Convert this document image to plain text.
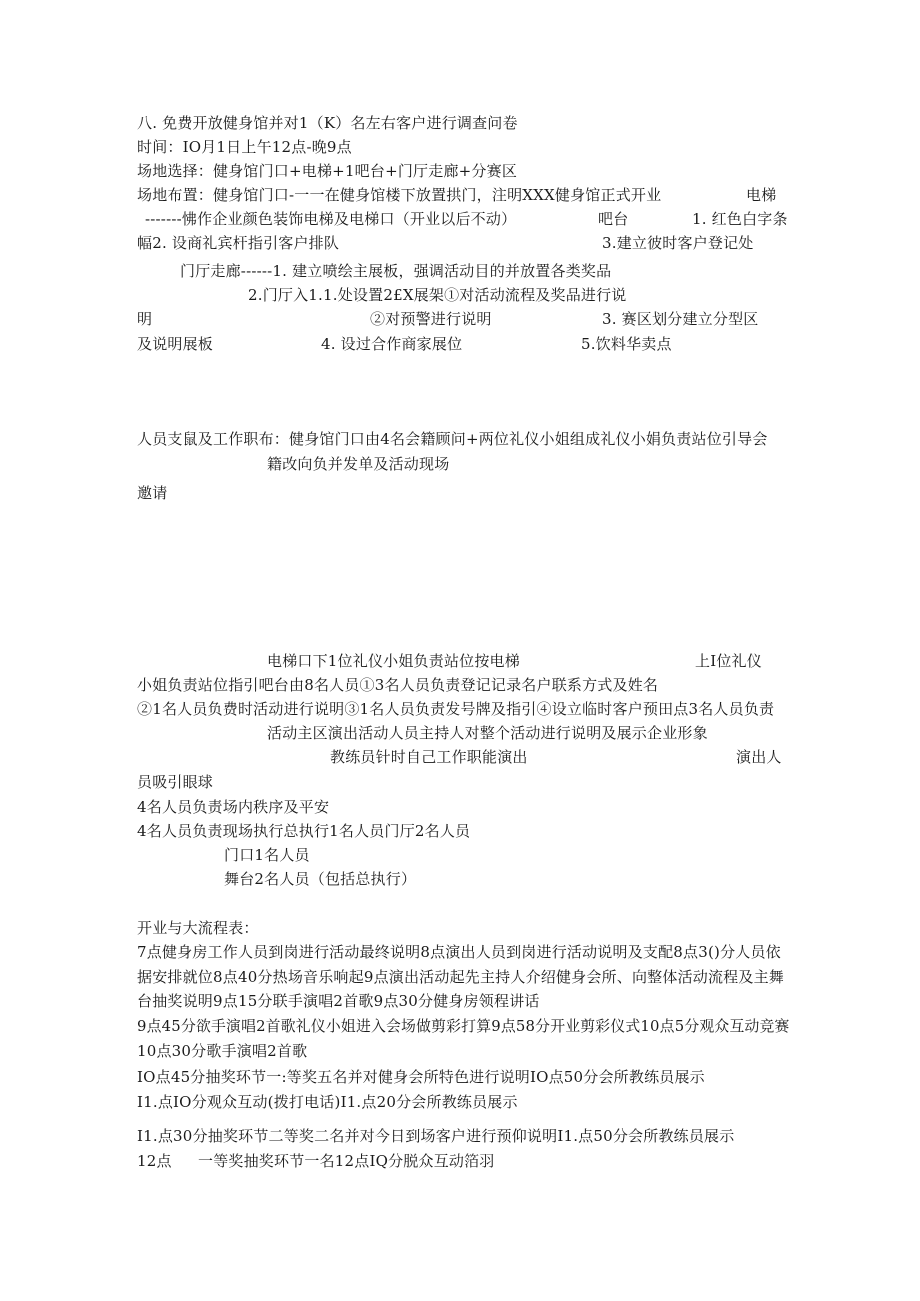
八. 免费开放健身馆并对1（K）名左右客户进行调查问卷
时间：IO月1日上午12点-晚9点
场地选择：健身馆门口+电梯+1吧台+门厅走廊+分赛区
场地布置：健身馆门口-一一在健身馆楼下放置拱门，注明XXX健身馆正式开业	电梯
-------怫作企业颜色装饰电梯及电梯口（开业以后不动）	吧台	1. 红色白字条
幅2. 设商礼宾杆指引客户排队	3.建立彼时客户登记处
门厅走廊------1. 建立喷绘主展板，强调活动目的并放置各类奖品
2.门厅入1.1.处设置2£X展架①对活动流程及奖品进行说
明	②对预警进行说明	3. 赛区划分建立分型区
及说明展板	4. 设过合作商家展位	5.饮料华卖点
人员支鼠及工作职布：健身馆门口由4名会籍顾问+两位礼仪小姐组成礼仪小娟负责站位引导会
籍改向负并发单及活动现场
邀请
电梯口下1位礼仪小姐负责站位按电梯	上I位礼仪
小姐负责站位指引吧台由8名人员①3名人员负责登记记录名户联系方式及姓名
②1名人员负费时活动进行说明③1名人员负责发号牌及指引④设立临时客户预田点3名人员负责
活动主区演出活动人员主持人对整个活动进行说明及展示企业形象
教练员针时自己工作职能演出	演出人
员吸引眼球
4名人员负责场内秩序及平安
4名人员负责现场执行总执行1名人员门厅2名人员
门口1名人员
舞台2名人员（包括总执行）
开业与大流程表：
7点健身房工作人员到岗进行活动最终说明8点演出人员到岗进行活动说明及支配8点3()分人员依
据安排就位8点40分热场音乐响起9点演出活动起先主持人介绍健身会所、向整体活动流程及主舞
台抽奖说明9点15分联手演唱2首歌9点30分健身房领程讲话
9点45分欲手演唱2首歌礼仪小姐进入会场做剪彩打算9点58分开业剪彩仪式10点5分观众互动竞赛
10点30分歌手演唱2首歌
IO点45分抽奖环节一:等奖五名并对健身会所特色进行说明IO点50分会所教练员展示
I1.点IO分观众互动(拨打电话)I1.点20分会所教练员展示
I1.点30分抽奖环节二等奖二名并对今日到场客户进行预仰说明I1.点50分会所教练员展示
12点 一等奖抽奖环节一名12点IQ分脱众互动箔羽
